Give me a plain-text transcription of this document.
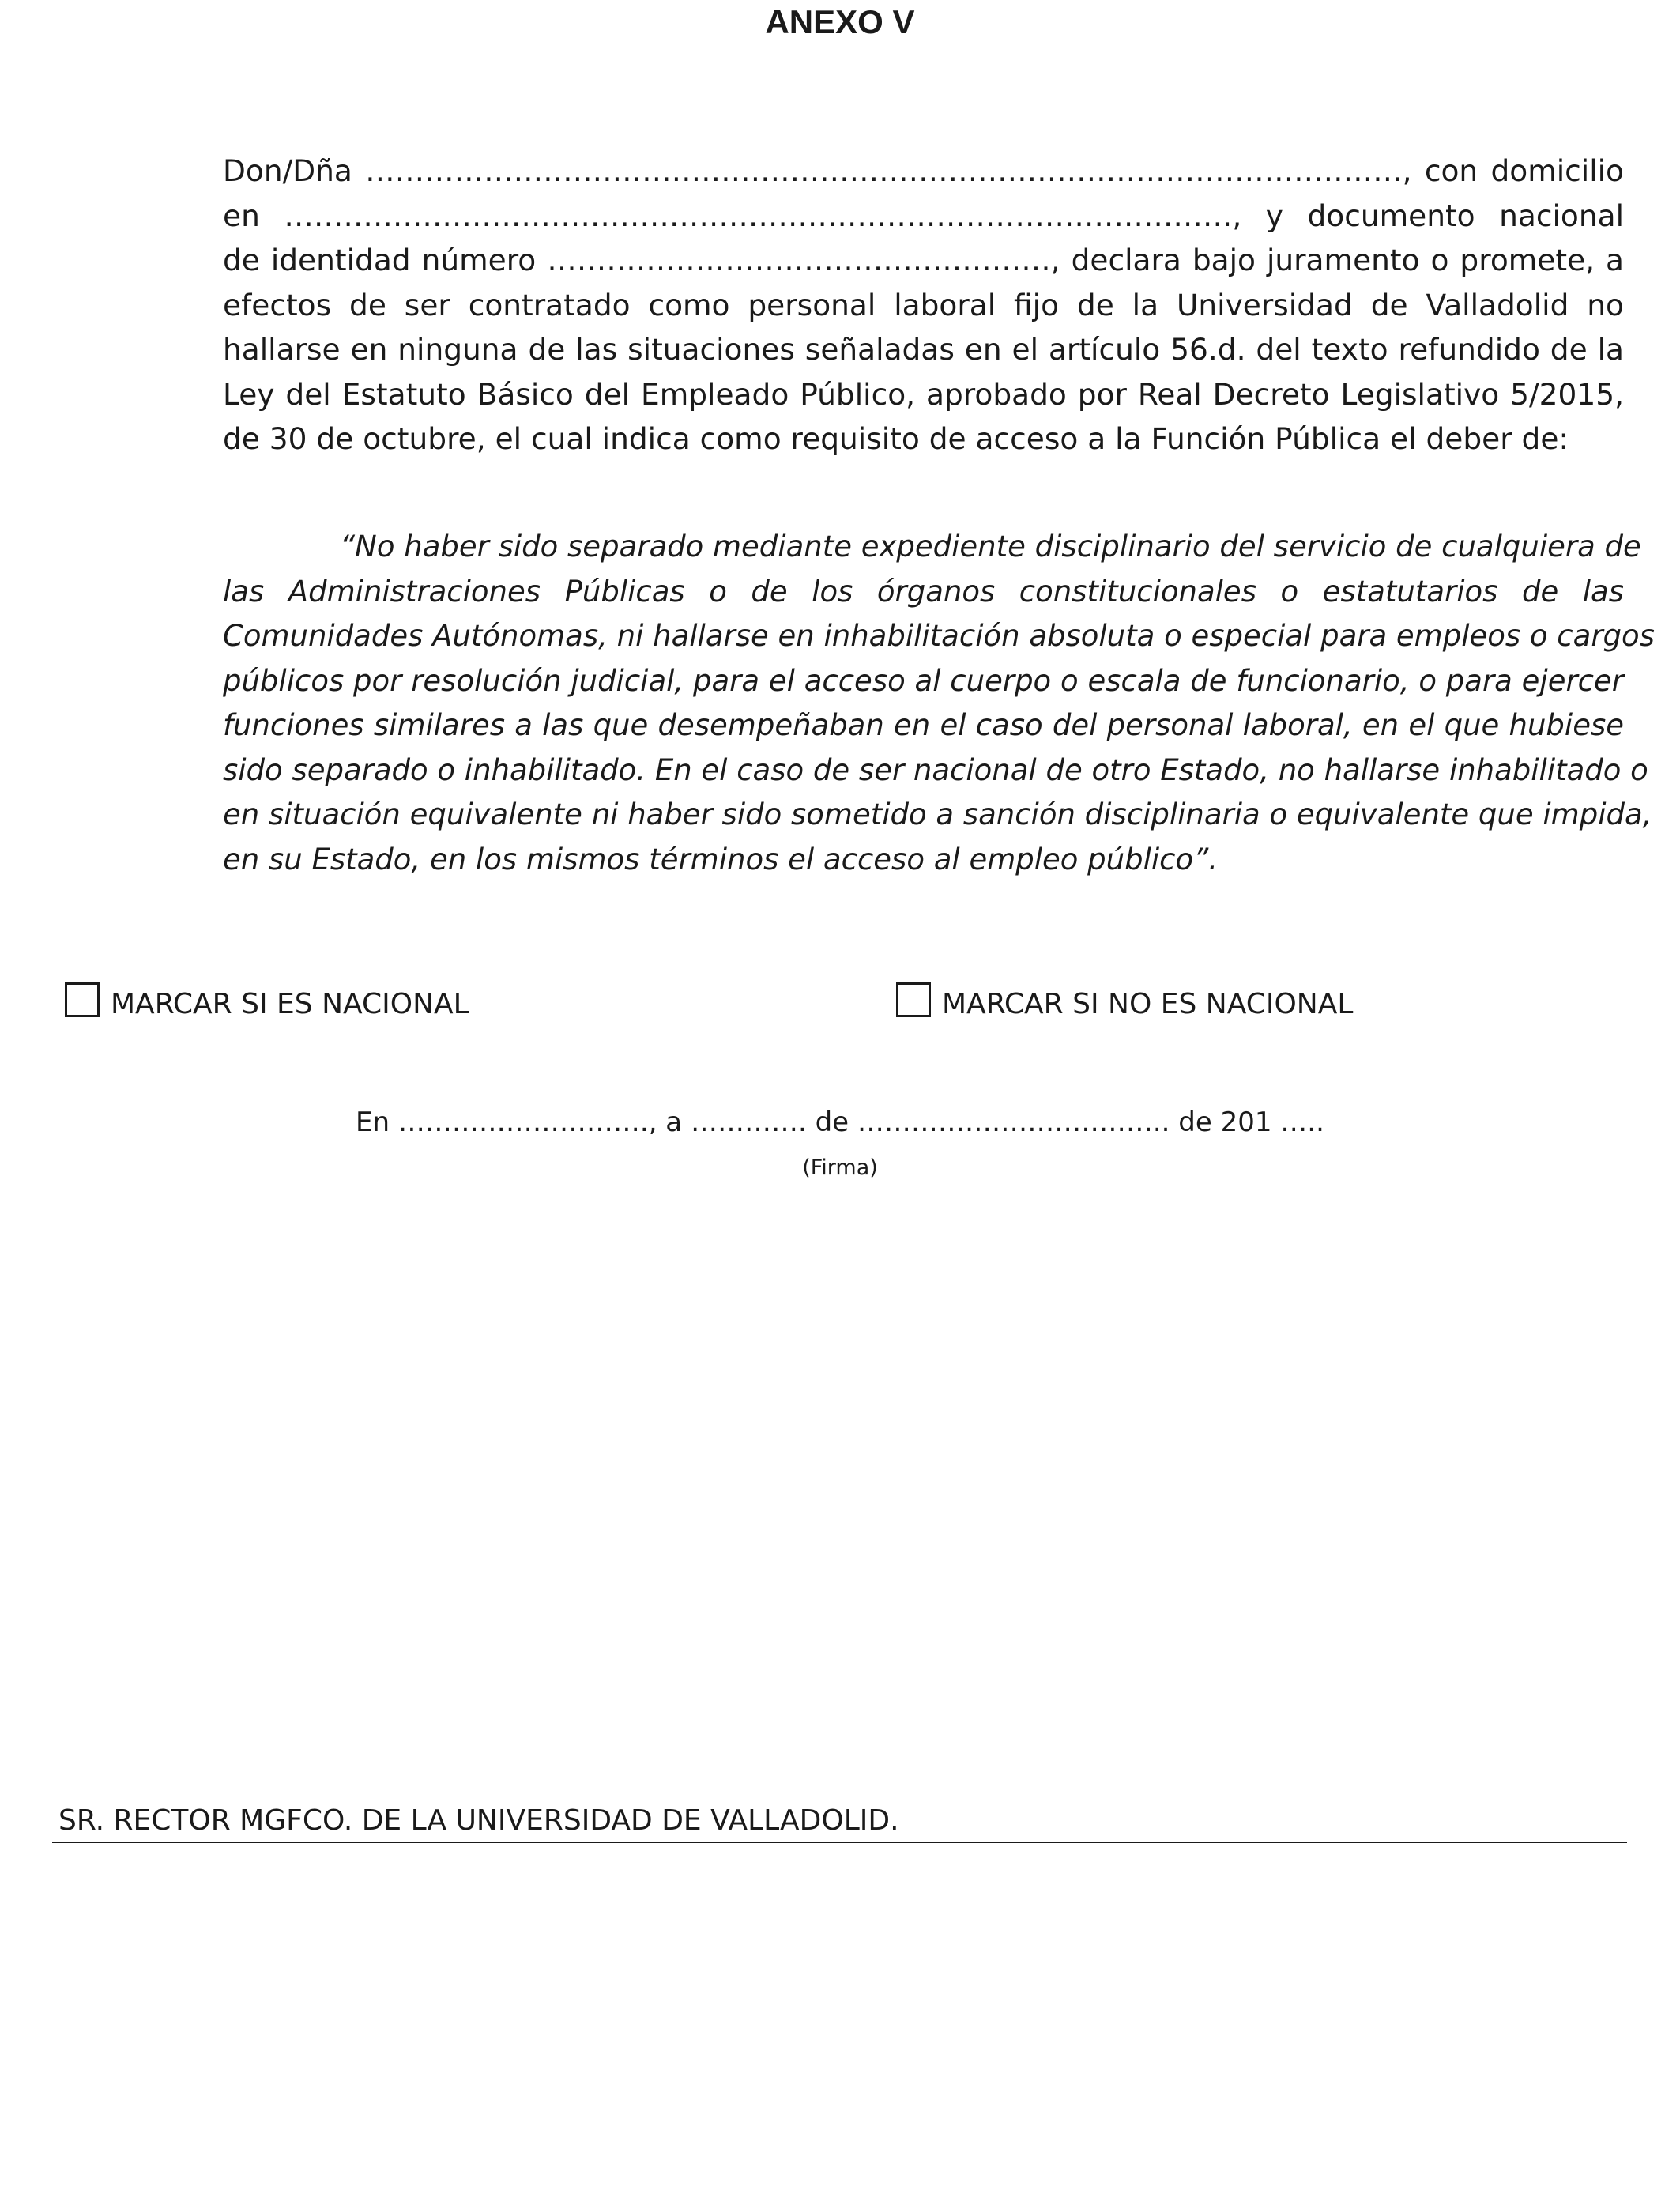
ANEXO V

Don/Dña ……………………………………………………………………………………………, con domicilio
en ……………………………………………………………………………………, y documento nacional
de identidad número ……………………………………………, declara bajo juramento o promete, a
efectos de ser contratado como personal laboral fijo de la Universidad de Valladolid no
hallarse en ninguna de las situaciones señaladas en el artículo 56.d. del texto refundido de la
Ley del Estatuto Básico del Empleado Público, aprobado por Real Decreto Legislativo 5/2015,
de 30 de octubre, el cual indica como requisito de acceso a la Función Pública el deber de:

“No haber sido separado mediante expediente disciplinario del servicio de cualquiera de
las Administraciones Públicas o de los órganos constitucionales o estatutarios de las
Comunidades Autónomas, ni hallarse en inhabilitación absoluta o especial para empleos o cargos
públicos por resolución judicial, para el acceso al cuerpo o escala de funcionario, o para ejercer
funciones similares a las que desempeñaban en el caso del personal laboral, en el que hubiese
sido separado o inhabilitado. En el caso de ser nacional de otro Estado, no hallarse inhabilitado o
en situación equivalente ni haber sido sometido a sanción disciplinaria o equivalente que impida,
en su Estado, en los mismos términos el acceso al empleo público”.

MARCAR SI ES NACIONAL	MARCAR SI NO ES NACIONAL

En ………………………., a …………. de …………………………….. de 201 …..

(Firma)

SR. RECTOR MGFCO. DE LA UNIVERSIDAD DE VALLADOLID.
